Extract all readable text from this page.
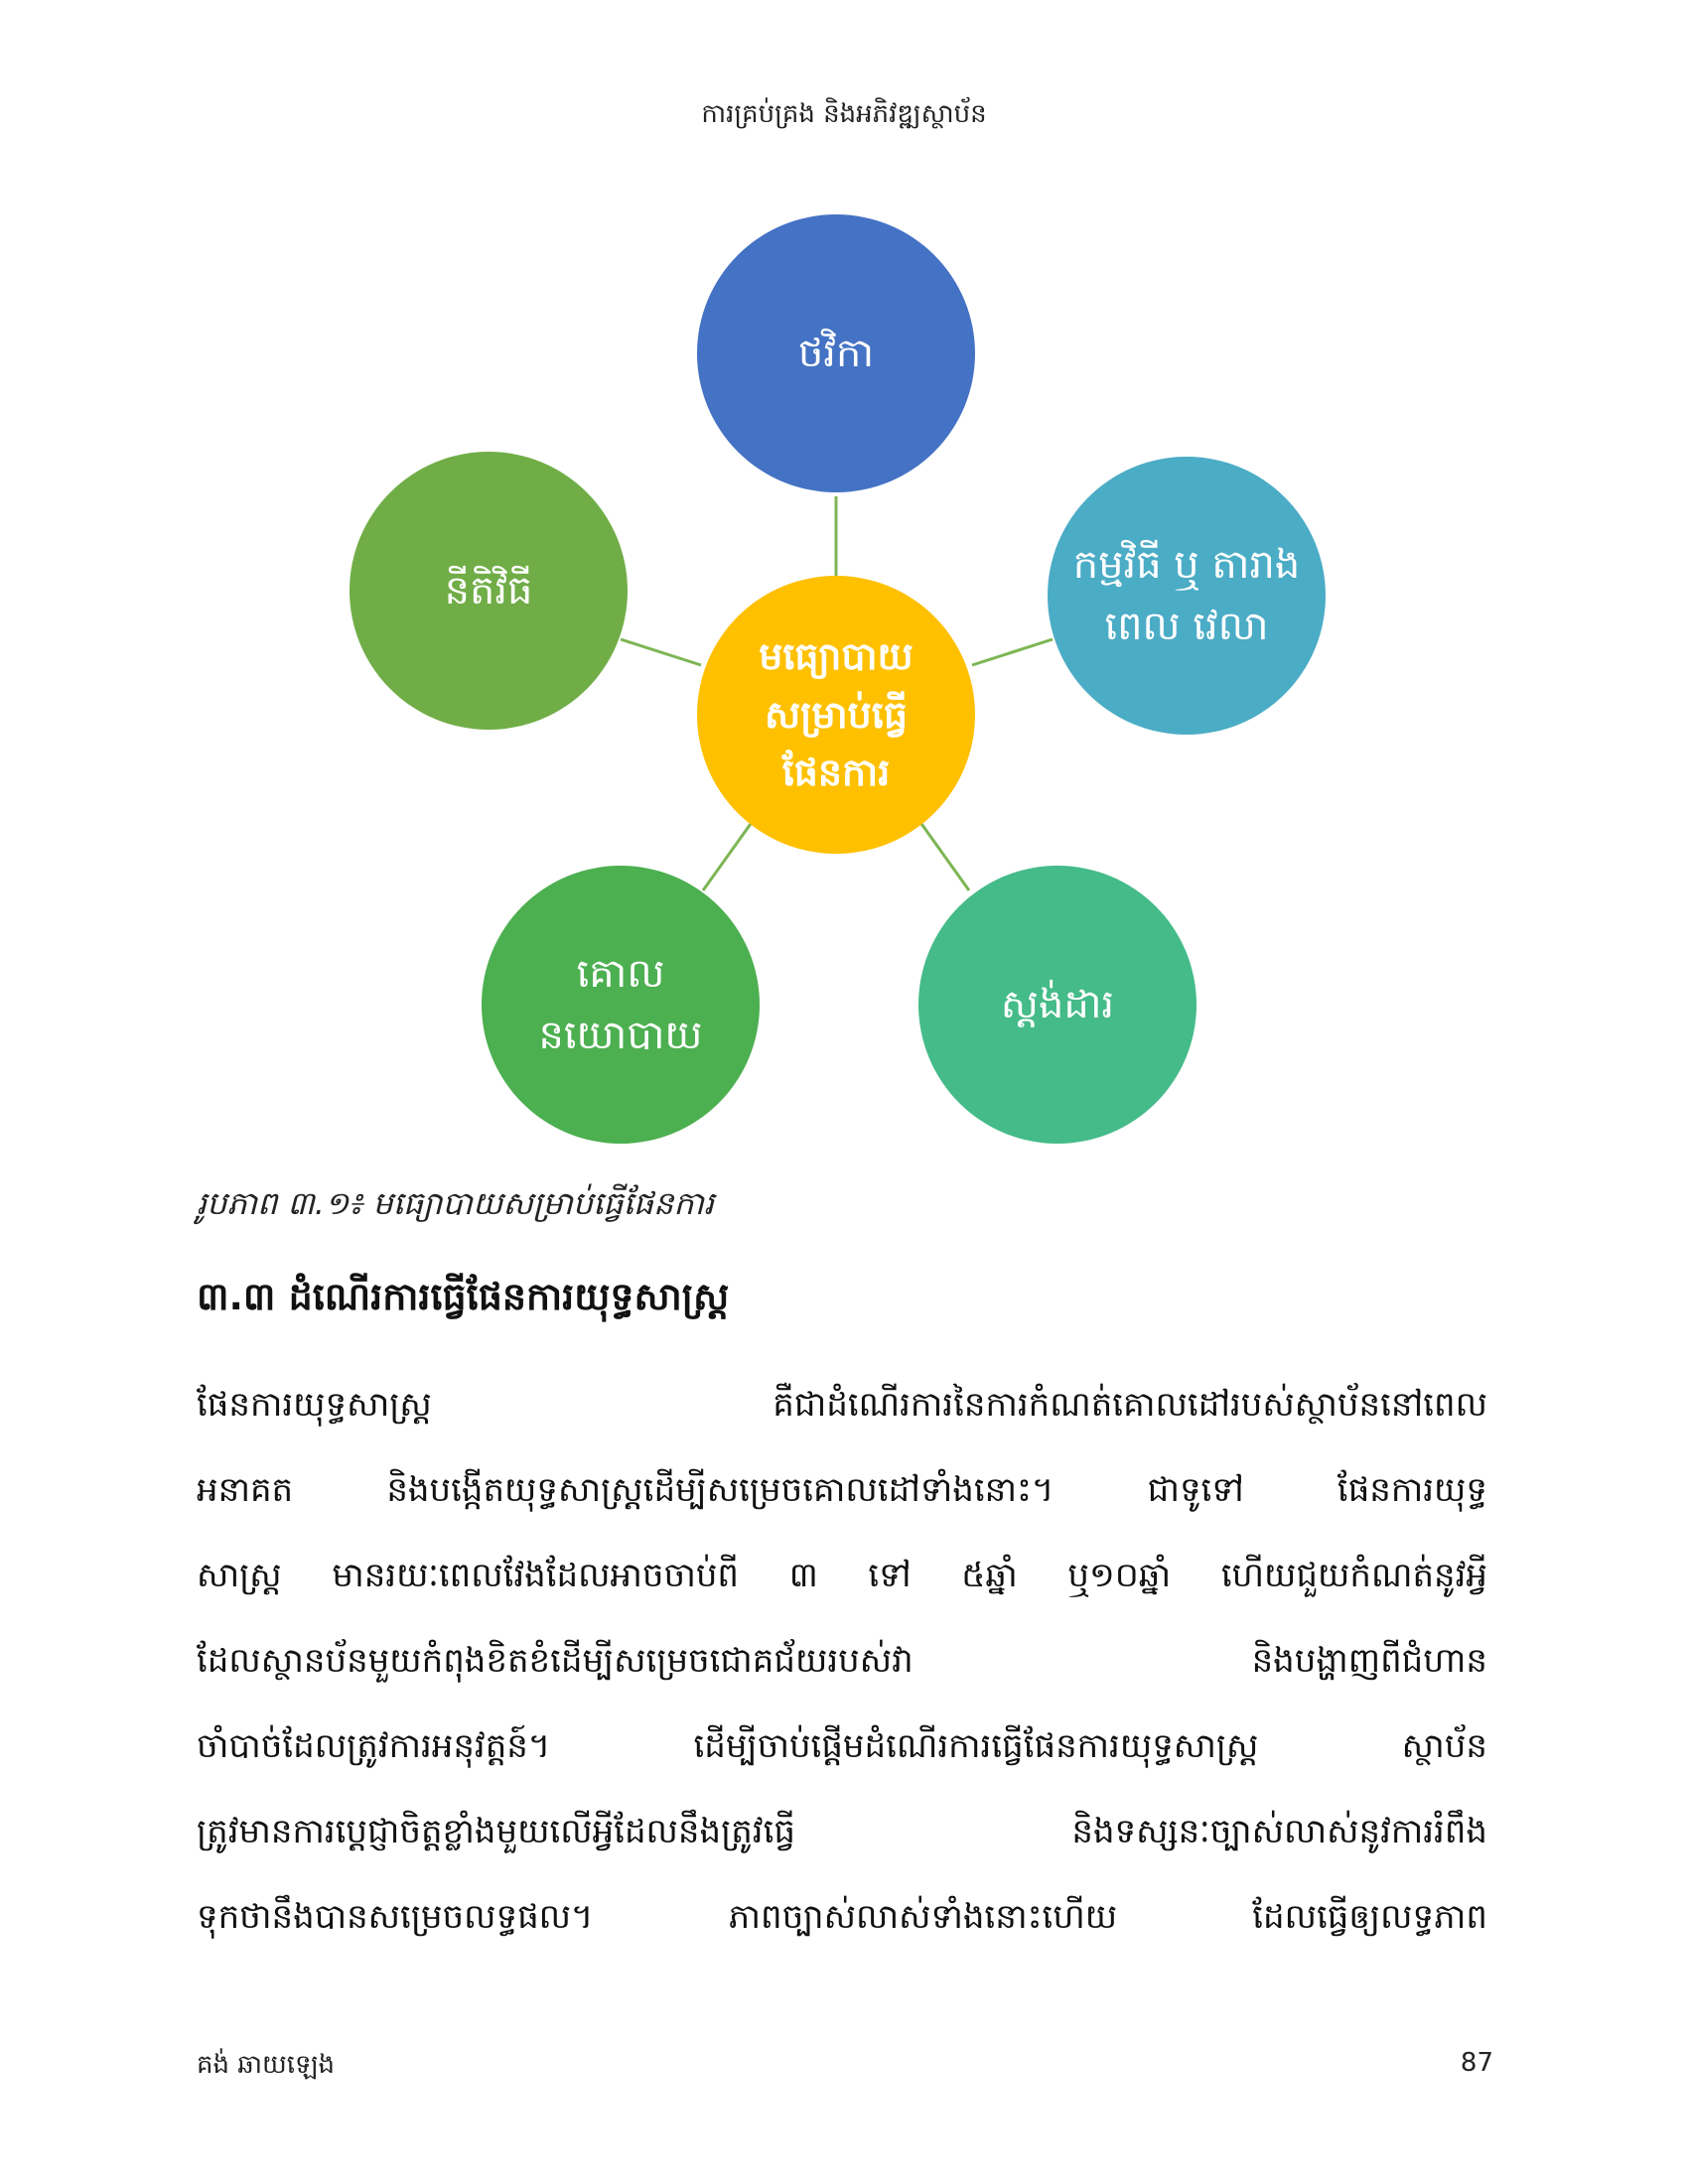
ការគ្រប់គ្រង និងអភិវឌ្ឍស្ថាប័ន
ថវិកា
កម្មវិធី ឬ តារាងពេល វេលា
ស្តង់ដារ
គោល នយោបាយ
នីតិវិធី
មធ្យោបាយ សម្រាប់ធ្វើ ផែនការ
រូបភាព ៣.១៖ មធ្យោបាយសម្រាប់ធ្វើផែនការ
៣.៣ ដំណើរការធ្វើផែនការយុទ្ធសាស្ត្រ
ផែនការយុទ្ធសាស្ត្រ គឺជាដំណើរការនៃការកំណត់គោលដៅរបស់ស្ថាប័ននៅពេល
អនាគត និងបង្កើតយុទ្ធសាស្ត្រដើម្បីសម្រេចគោលដៅទាំងនោះ។ ជាទូទៅ ផែនការយុទ្ធ
សាស្ត្រ មានរយៈពេលវែងដែលអាចចាប់ពី ៣ ទៅ ៥ឆ្នាំ ឬ១០ឆ្នាំ ហើយជួយកំណត់នូវអ្វី
ដែលស្ថានប័នមួយកំពុងខិតខំដើម្បីសម្រេចជោគជ័យរបស់វា និងបង្ហាញពីជំហាន
ចាំបាច់ដែលត្រូវការអនុវត្តន៍។ ដើម្បីចាប់ផ្តើមដំណើរការធ្វើផែនការយុទ្ធសាស្ត្រ ស្ថាប័ន
ត្រូវមានការប្តេជ្ញាចិត្តខ្លាំងមួយលើអ្វីដែលនឹងត្រូវធ្វើ និងទស្សនៈច្បាស់លាស់នូវការរំពឹង
ទុកថានឹងបានសម្រេចលទ្ធផល។ ភាពច្បាស់លាស់ទាំងនោះហើយ ដែលធ្វើឲ្យលទ្ធភាព
គង់ ឆាយឡេង	87
